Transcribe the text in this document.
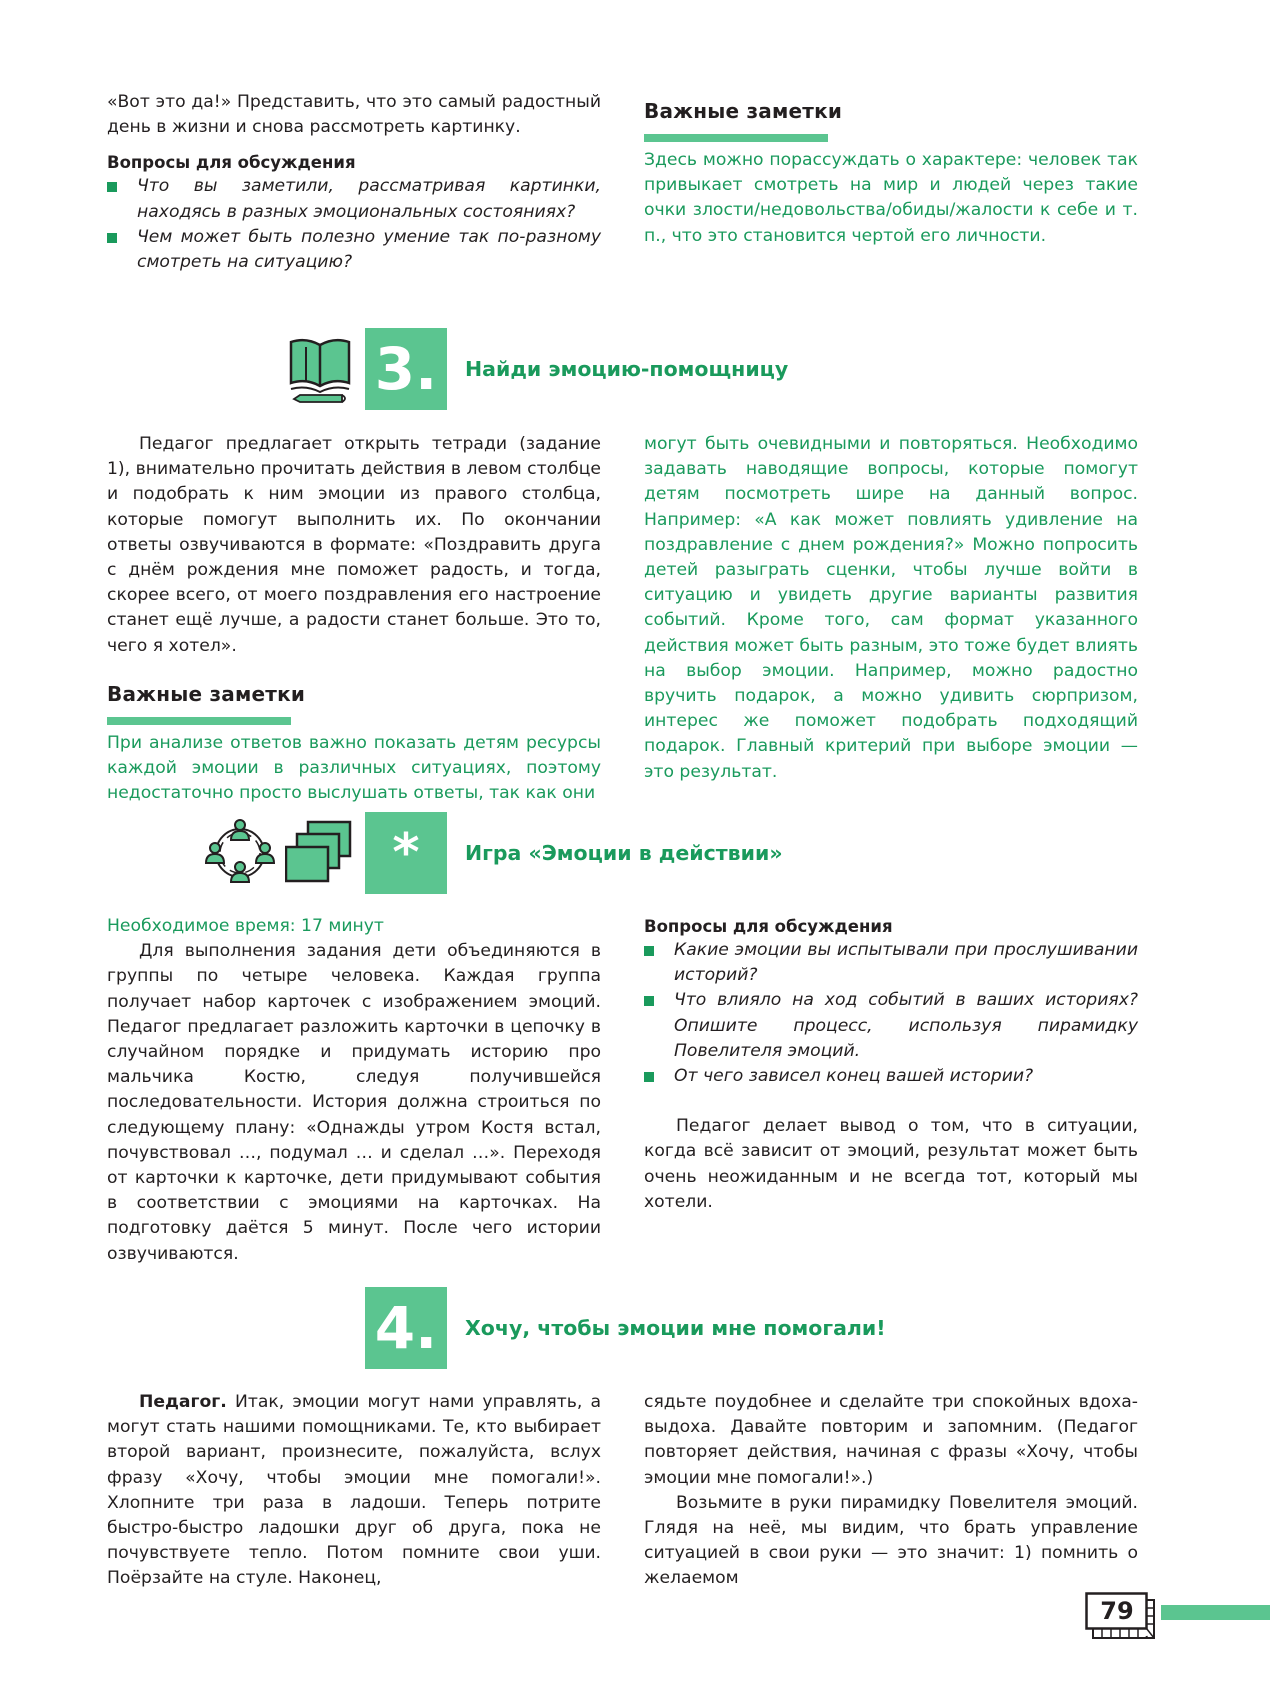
«Вот это да!» Представить, что это самый радостный день в жизни и снова рассмотреть картинку.

Вопросы для обсуждения
Что вы заметили, рассматривая картинки, находясь в разных эмоциональных состояниях?
Чем может быть полезно умение так по-разному смотреть на ситуацию?
Важные заметки

Здесь можно порассуждать о характере: человек так привыкает смотреть на мир и людей через такие очки злости/недовольства/обиды/жалости к себе и т. п., что это становится чертой его личности.

3.	Найди эмоцию-помощницу

Педагог предлагает открыть тетради (задание 1), внимательно прочитать действия в левом столбце и подобрать к ним эмоции из правого столбца, которые помогут выполнить их. По окончании ответы озвучиваются в формате: «Поздравить друга с днём рождения мне поможет радость, и тогда, скорее всего, от моего поздравления его настроение станет ещё лучше, а радости станет больше. Это то, чего я хотел».

Важные заметки

При анализе ответов важно показать детям ресурсы каждой эмоции в различных ситуациях, поэтому недостаточно просто выслушать ответы, так как они

могут быть очевидными и повторяться. Необходимо задавать наводящие вопросы, которые помогут детям посмотреть шире на данный вопрос. Например: «А как может повлиять удивление на поздравление с днем рождения?» Можно попросить детей разыграть сценки, чтобы лучше войти в ситуацию и увидеть другие варианты развития событий. Кроме того, сам формат указанного действия может быть разным, это тоже будет влиять на выбор эмоции. Например, можно радостно вручить подарок, а можно удивить сюрпризом, интерес же поможет подобрать подходящий подарок. Главный критерий при выборе эмоции — это результат.

*	Игра «Эмоции в действии»
Необходимое время: 17 минут

Для выполнения задания дети объединяются в группы по четыре человека. Каждая группа получает набор карточек с изображением эмоций. Педагог предлагает разложить карточки в цепочку в случайном порядке и придумать историю про мальчика Костю, следуя получившейся последовательности. История должна строиться по следующему плану: «Однажды утром Костя встал, почувствовал …, подумал … и сделал …». Переходя от карточки к карточке, дети придумывают события в соответствии с эмоциями на карточках. На подготовку даётся 5 минут. После чего истории озвучиваются.

Вопросы для обсуждения
Какие эмоции вы испытывали при прослушивании историй?
Что влияло на ход событий в ваших историях? Опишите процесс, используя пирамидку Повелителя эмоций.
От чего зависел конец вашей истории?

Педагог делает вывод о том, что в ситуации, когда всё зависит от эмоций, результат может быть очень неожиданным и не всегда тот, который мы хотели.

4.	Хочу, чтобы эмоции мне помогали!

Педагог. Итак, эмоции могут нами управлять, а могут стать нашими помощниками. Те, кто выбирает второй вариант, произнесите, пожалуйста, вслух фразу «Хочу, чтобы эмоции мне помогали!». Хлопните три раза в ладоши. Теперь потрите быстро-быстро ладошки друг об друга, пока не почувствуете тепло. Потом помните свои уши. Поёрзайте на стуле. Наконец,

сядьте поудобнее и сделайте три спокойных вдоха-выдоха. Давайте повторим и запомним. (Педагог повторяет действия, начиная с фразы «Хочу, чтобы эмоции мне помогали!».)

Возьмите в руки пирамидку Повелителя эмоций. Глядя на неё, мы видим, что брать управление ситуацией в свои руки — это значит: 1) помнить о желаемом

79
